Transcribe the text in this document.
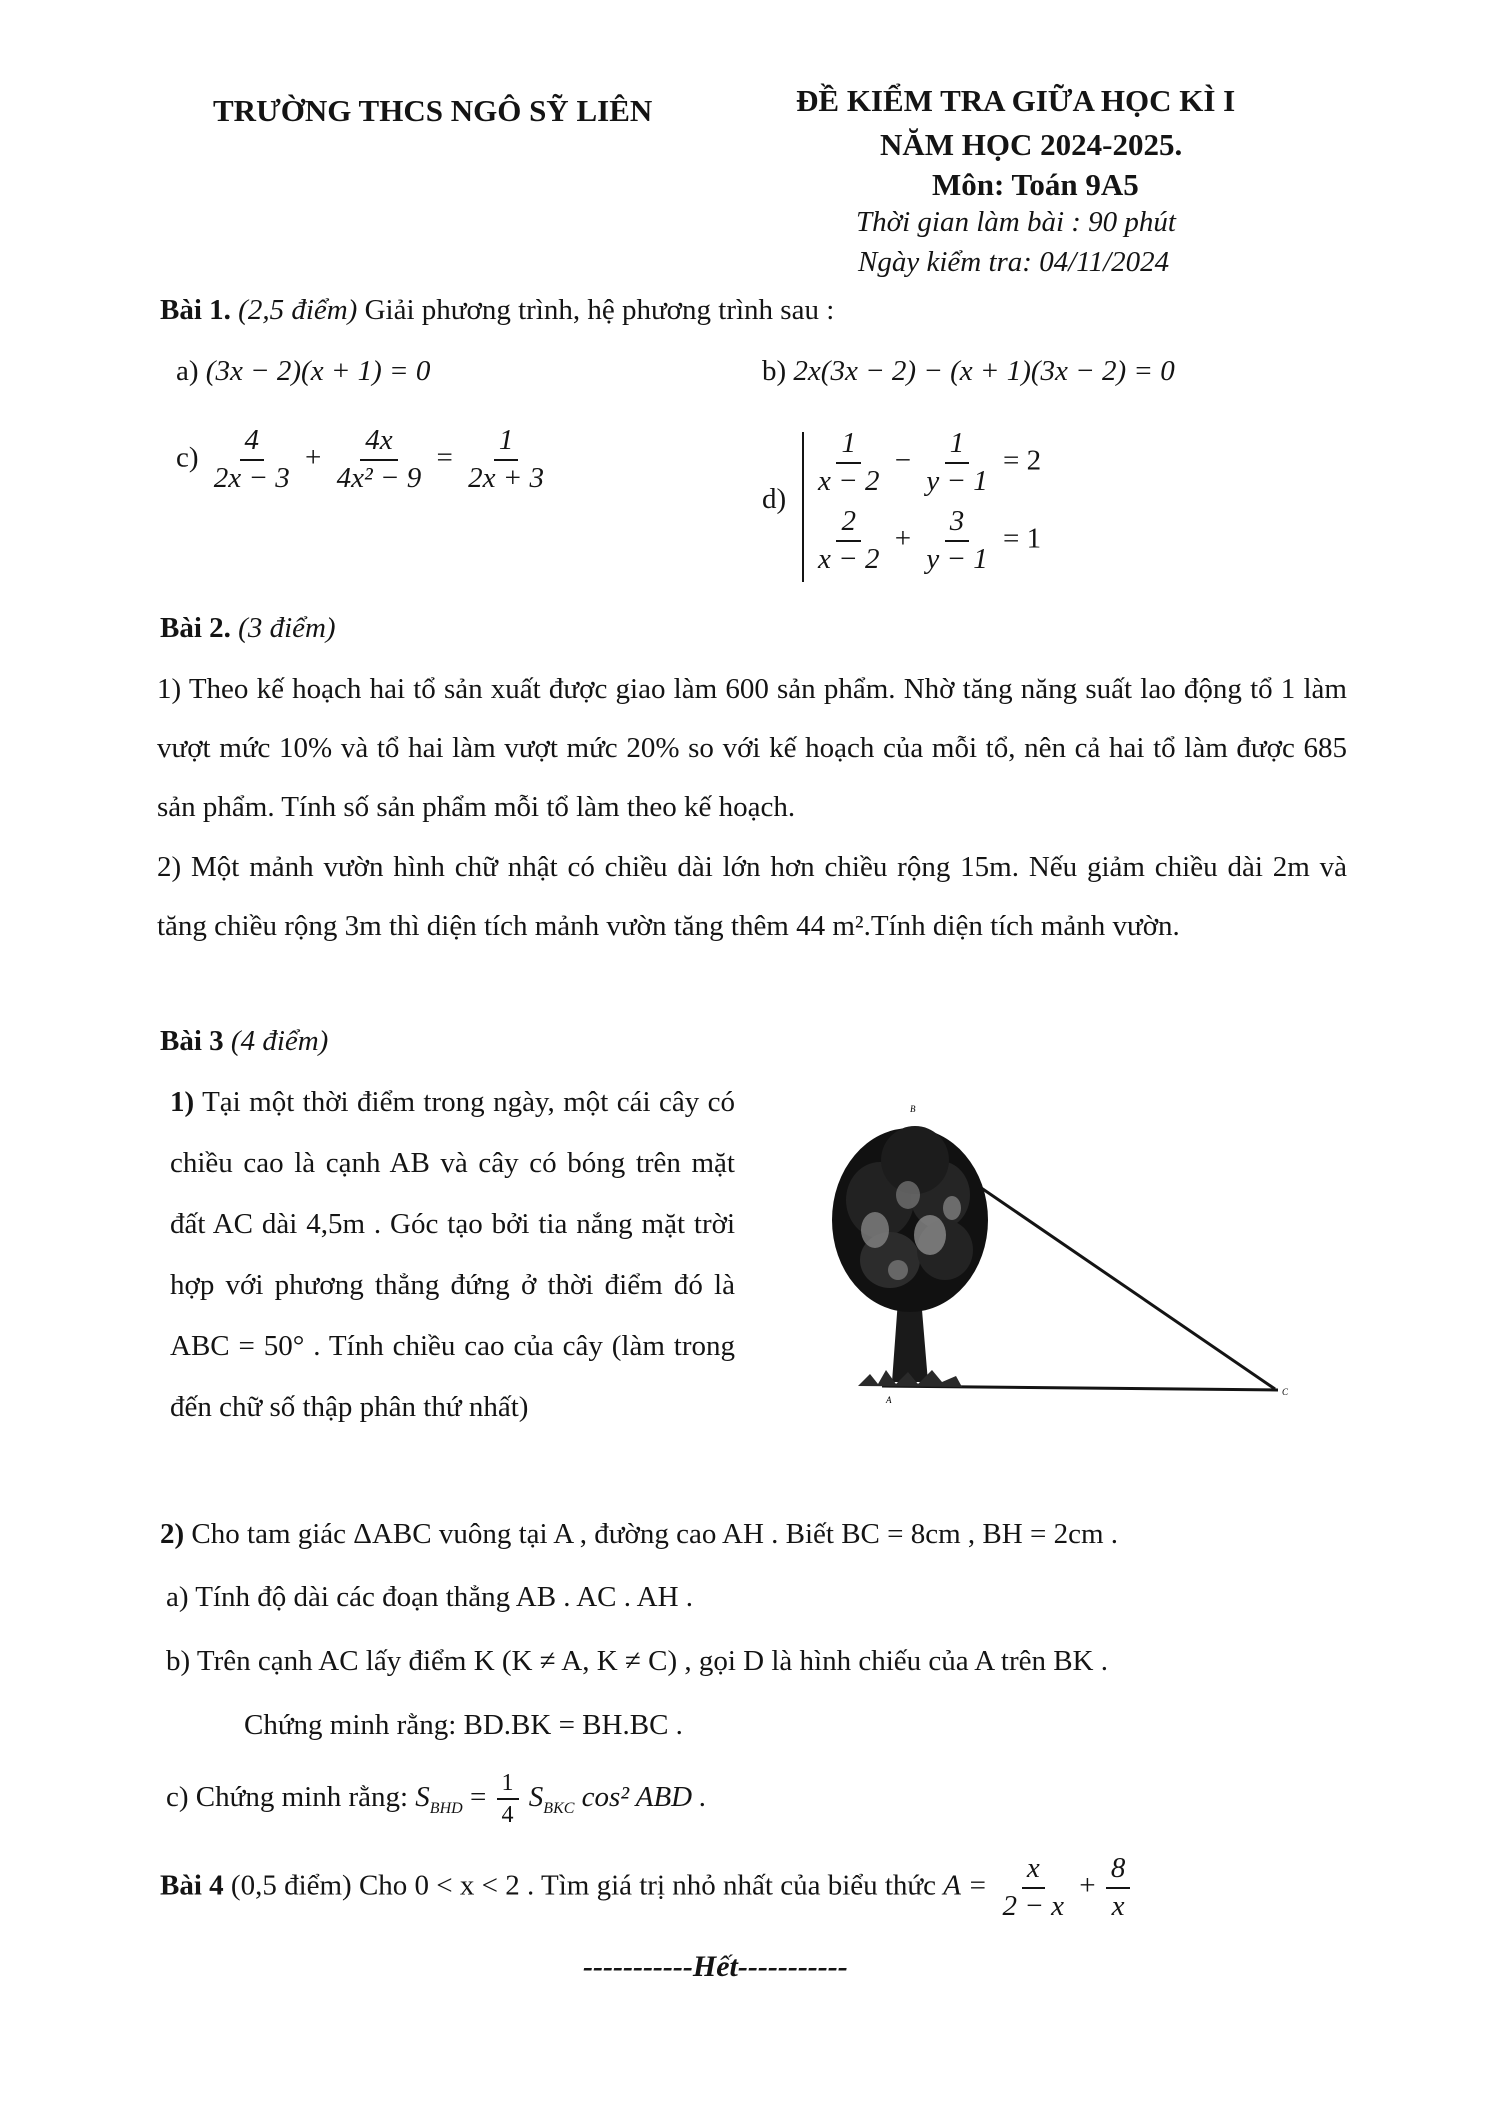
TRƯỜNG THCS NGÔ SỸ LIÊN	ĐỀ KIỂM TRA GIỮA HỌC KÌ I
NĂM HỌC 2024-2025.
Môn: Toán 9A5
Thời gian làm bài : 90 phút
Ngày kiểm tra: 04/11/2024
Bài 1. (2,5 điểm) Giải phương trình, hệ phương trình sau :
a) (3x − 2)(x + 1) = 0	b) 2x(3x − 2) − (x + 1)(3x − 2) = 0
$c) \frac{4}{2x - 3} + \frac{4x}{\text{4x² − 9}} = \frac{1}{2x + 3}$
d)
$\frac{1}{x - 2} - \frac{1}{y - 1} = 2$
$\frac{2}{x - 2} + \frac{3}{y - 1} = 1$
Bài 2. (3 điểm)
1) Theo kế hoạch hai tổ sản xuất được giao làm 600 sản phẩm. Nhờ tăng năng suất lao động tổ 1 làm vượt mức 10% và tổ hai làm vượt mức 20% so với kế hoạch của mỗi tổ, nên cả hai tổ làm được 685 sản phẩm. Tính số sản phẩm mỗi tổ làm theo kế hoạch.
2) Một mảnh vườn hình chữ nhật có chiều dài lớn hơn chiều rộng 15m. Nếu giảm chiều dài 2m và tăng chiều rộng 3m thì diện tích mảnh vườn tăng thêm 44 m².Tính diện tích mảnh vườn.
Bài 3 (4 điểm)
1) Tại một thời điểm trong ngày, một cái cây có chiều cao là cạnh AB và cây có bóng trên mặt đất AC dài 4,5m . Góc tạo bởi tia nắng mặt trời hợp với phương thẳng đứng ở thời điểm đó là ABC = 50° . Tính chiều cao của cây (làm trong đến chữ số thập phân thứ nhất)
B
A
C
2) Cho tam giác ΔABC vuông tại A , đường cao AH . Biết BC = 8cm , BH = 2cm .
a) Tính độ dài các đoạn thẳng AB . AC . AH .
b) Trên cạnh AC lấy điểm K (K ≠ A, K ≠ C) , gọi D là hình chiếu của A trên BK .
Chứng minh rằng: BD.BK = BH.BC .
c) Chứng minh rằng: $S_{BHD} = \frac{1}{4} S_{BKC}$ cos² ABD .
Bài 4 (0,5 điểm) Cho 0 < x < 2 . Tìm giá trị nhỏ nhất của biểu thức $A = \frac{x}{2 - x} + \frac{8}{x}$
-----------Hết-----------
